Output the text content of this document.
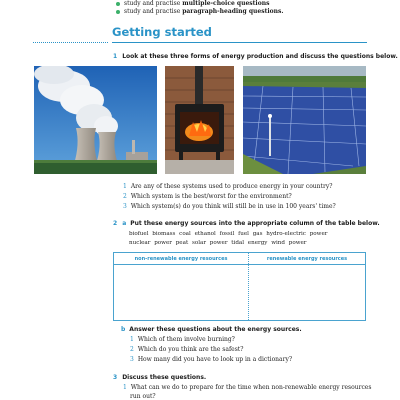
study and practise
multiple-choice questions
study and practise
paragraph-heading questions.
Getting started
1 Look at these three forms of energy production and discuss the questions below.
1 Are any of these systems used to produce energy in your country?
2 Which system is the best/worst for the environment?
3 Which system(s) do you think will still be in use in 100 years' time?
2 a Put these energy sources into the appropriate column of the table below.
biofuel biomass coal ethanol fossil fuel gas hydro-electric power
nuclear power peat solar power tidal energy wind power
non-renewable energy resources	renewable energy resources

b Answer these questions about the energy sources.
1 Which of them involve burning?
2 Which do you think are the safest?
3 How many did you have to look up in a dictionary?
3 Discuss these questions.
1 What can we do to prepare for the time when non-renewable energy resources
run out?
